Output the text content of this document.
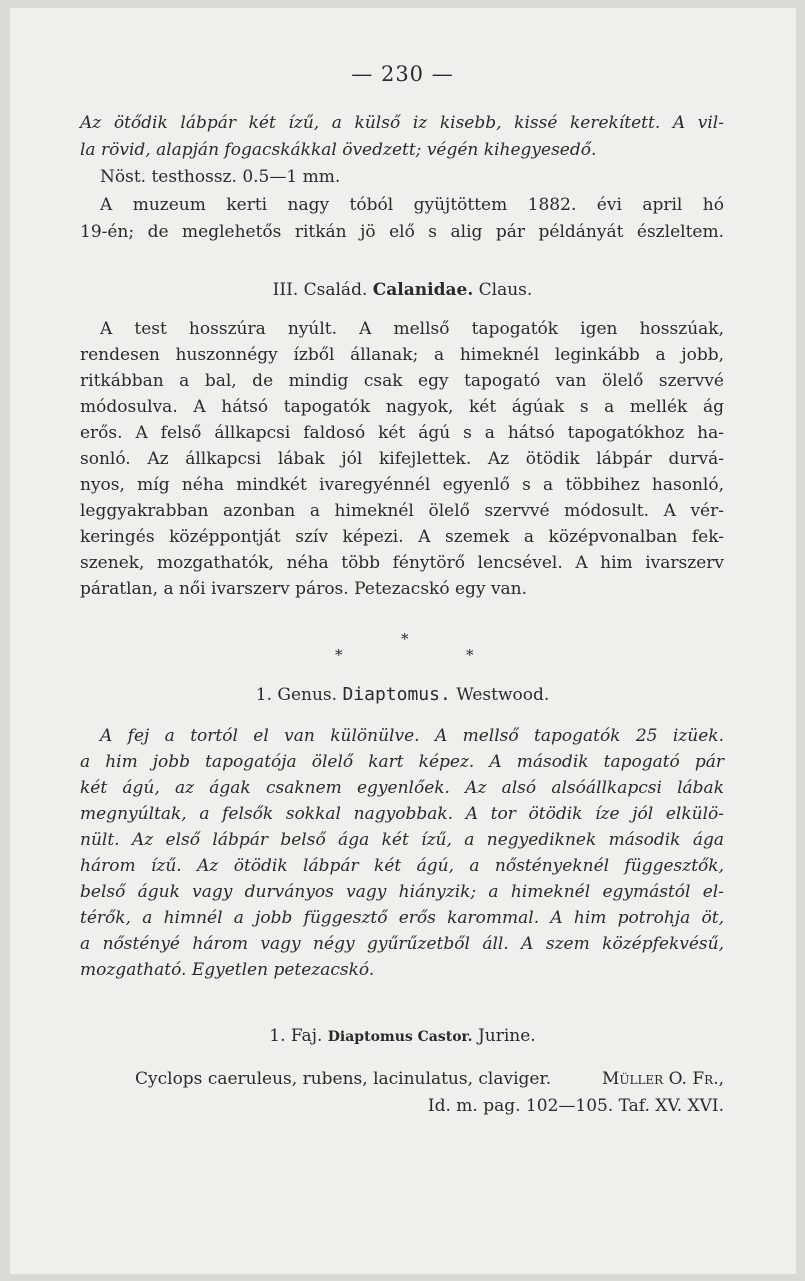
— 230 —
Az ötődik lábpár két ízű, a külső iz kisebb, kissé kerekített. A vil-
la rövid, alapján fogacskákkal övedzett; végén kihegyesedő.
Nöst. testhossz. 0.5—1 mm.
A muzeum kerti nagy tóból gyüjtöttem 1882. évi april hó
19-én; de meglehetős ritkán jö elő s alig pár példányát észleltem.
III. Család. Calanidae. Claus.
A test hosszúra nyúlt. A mellső tapogatók igen hosszúak,
rendesen huszonnégy ízből állanak; a himeknél leginkább a jobb,
ritkábban a bal, de mindig csak egy tapogató van ölelő szervvé
módosulva. A hátsó tapogatók nagyok, két ágúak s a mellék ág
erős. A felső állkapcsi faldosó két ágú s a hátsó tapogatókhoz ha-
sonló. Az állkapcsi lábak jól kifejlettek. Az ötödik lábpár durvá-
nyos, míg néha mindkét ivaregyénnél egyenlő s a többihez hasonló,
leggyakrabban azonban a himeknél ölelő szervvé módosult. A vér-
keringés középpontját szív képezi. A szemek a középvonalban fek-
szenek, mozgathatók, néha több fénytörő lencsével. A him ivarszerv
páratlan, a női ivarszerv páros. Petezacskó egy van.
*
*	*
1. Genus. Diaptomus. Westwood.
A fej a tortól el van különülve. A mellső tapogatók 25 izüek.
a him jobb tapogatója ölelő kart képez. A második tapogató pár
két ágú, az ágak csaknem egyenlőek. Az alsó alsóállkapcsi lábak
megnyúltak, a felsők sokkal nagyobbak. A tor ötödik íze jól elkülö-
nült. Az első lábpár belső ága két ízű, a negyediknek második ága
három ízű. Az ötödik lábpár két ágú, a nőstényeknél függesztők,
belső águk vagy durványos vagy hiányzik; a himeknél egymástól el-
térők, a himnél a jobb függesztő erős karommal. A him potrohja öt,
a nőstényé három vagy négy gyűrűzetből áll. A szem középfekvésű,
mozgatható. Egyetlen petezacskó.
1. Faj. Diaptomus Castor. Jurine.
Cyclops caeruleus, rubens, lacinulatus, claviger.	Müller O. Fr.,
Id. m. pag. 102—105. Taf. XV. XVI.
